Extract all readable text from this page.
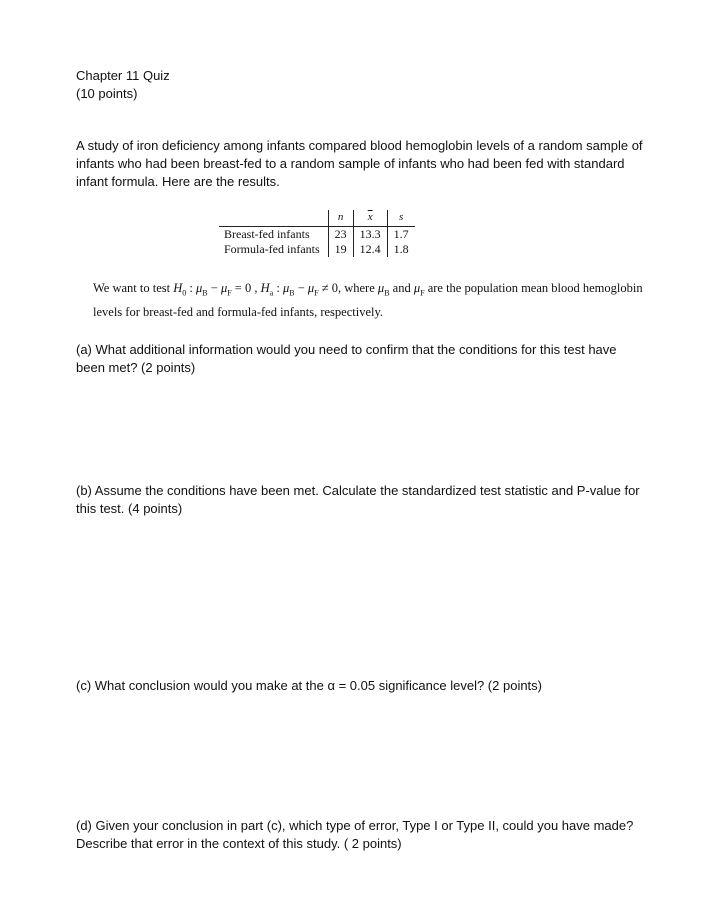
Chapter 11 Quiz
(10 points)
A study of iron deficiency among infants compared blood hemoglobin levels of a random sample of infants who had been breast-fed to a random sample of infants who had been fed with standard infant formula. Here are the results.
	n	$\overline{x}$	s
Breast-fed infants	23	13.3	1.7
Formula-fed infants	19	12.4	1.8
We want to test $H_0$ : $\mu_B - \mu_F = 0$ , $H_a$ : $\mu_B - \mu_F \ne 0$, where $\mu_B$ and $\mu_F$ are the population mean blood hemoglobin levels for breast-fed and formula-fed infants, respectively.
(a) What additional information would you need to confirm that the conditions for this test have been met? (2 points)
(b) Assume the conditions have been met. Calculate the standardized test statistic and P-value for this test. (4 points)
(c) What conclusion would you make at the α = 0.05 significance level? (2 points)
(d) Given your conclusion in part (c), which type of error, Type I or Type II, could you have made? Describe that error in the context of this study. ( 2 points)
